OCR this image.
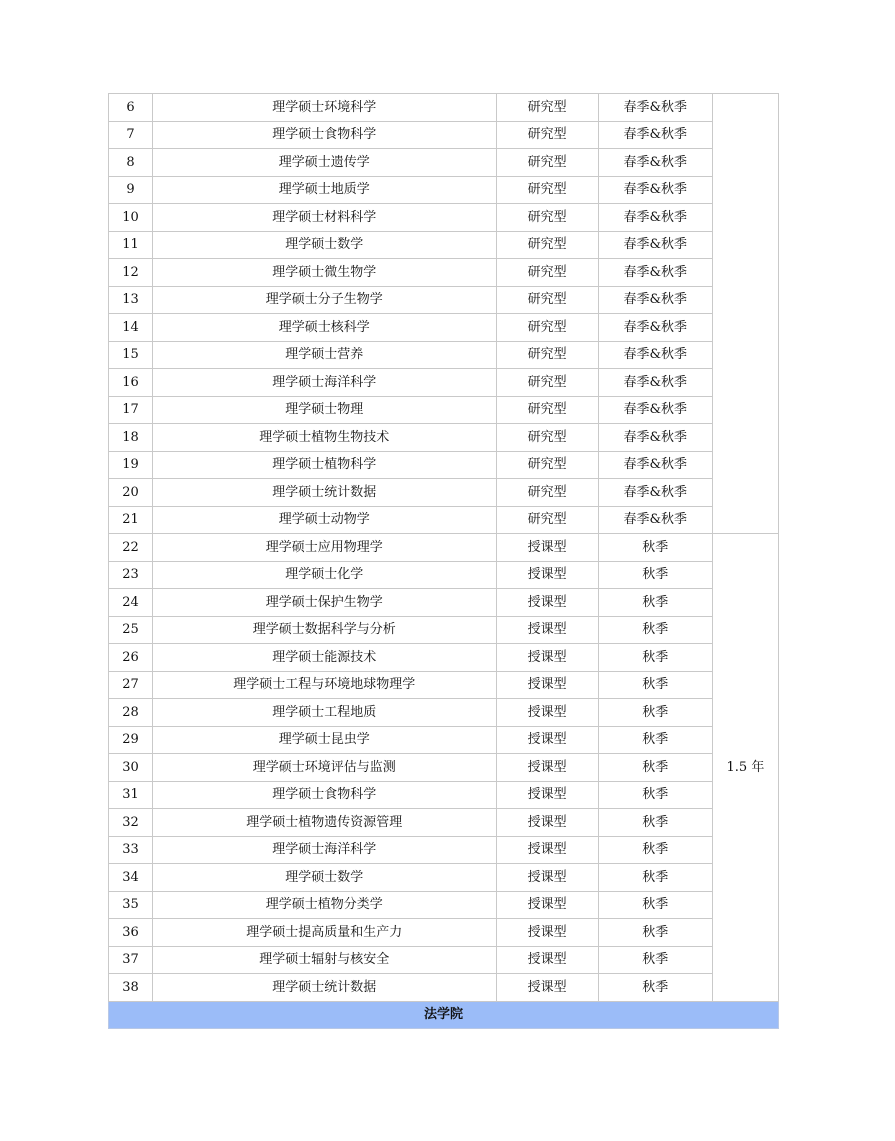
6	理学硕士环境科学	研究型	春季&秋季	
7	理学硕士食物科学	研究型	春季&秋季	
8	理学硕士遗传学	研究型	春季&秋季	
9	理学硕士地质学	研究型	春季&秋季	
10	理学硕士材料科学	研究型	春季&秋季	
11	理学硕士数学	研究型	春季&秋季	
12	理学硕士微生物学	研究型	春季&秋季	
13	理学硕士分子生物学	研究型	春季&秋季	
14	理学硕士核科学	研究型	春季&秋季	
15	理学硕士营养	研究型	春季&秋季	
16	理学硕士海洋科学	研究型	春季&秋季	
17	理学硕士物理	研究型	春季&秋季	
18	理学硕士植物生物技术	研究型	春季&秋季	
19	理学硕士植物科学	研究型	春季&秋季	
20	理学硕士统计数据	研究型	春季&秋季	
21	理学硕士动物学	研究型	春季&秋季	
22	理学硕士应用物理学	授课型	秋季	1.5 年
23	理学硕士化学	授课型	秋季	
24	理学硕士保护生物学	授课型	秋季	
25	理学硕士数据科学与分析	授课型	秋季	
26	理学硕士能源技术	授课型	秋季	
27	理学硕士工程与环境地球物理学	授课型	秋季	
28	理学硕士工程地质	授课型	秋季	
29	理学硕士昆虫学	授课型	秋季	
30	理学硕士环境评估与监测	授课型	秋季	
31	理学硕士食物科学	授课型	秋季	
32	理学硕士植物遗传资源管理	授课型	秋季	
33	理学硕士海洋科学	授课型	秋季	
34	理学硕士数学	授课型	秋季	
35	理学硕士植物分类学	授课型	秋季	
36	理学硕士提高质量和生产力	授课型	秋季	
37	理学硕士辐射与核安全	授课型	秋季	
38	理学硕士统计数据	授课型	秋季	
法学院				
